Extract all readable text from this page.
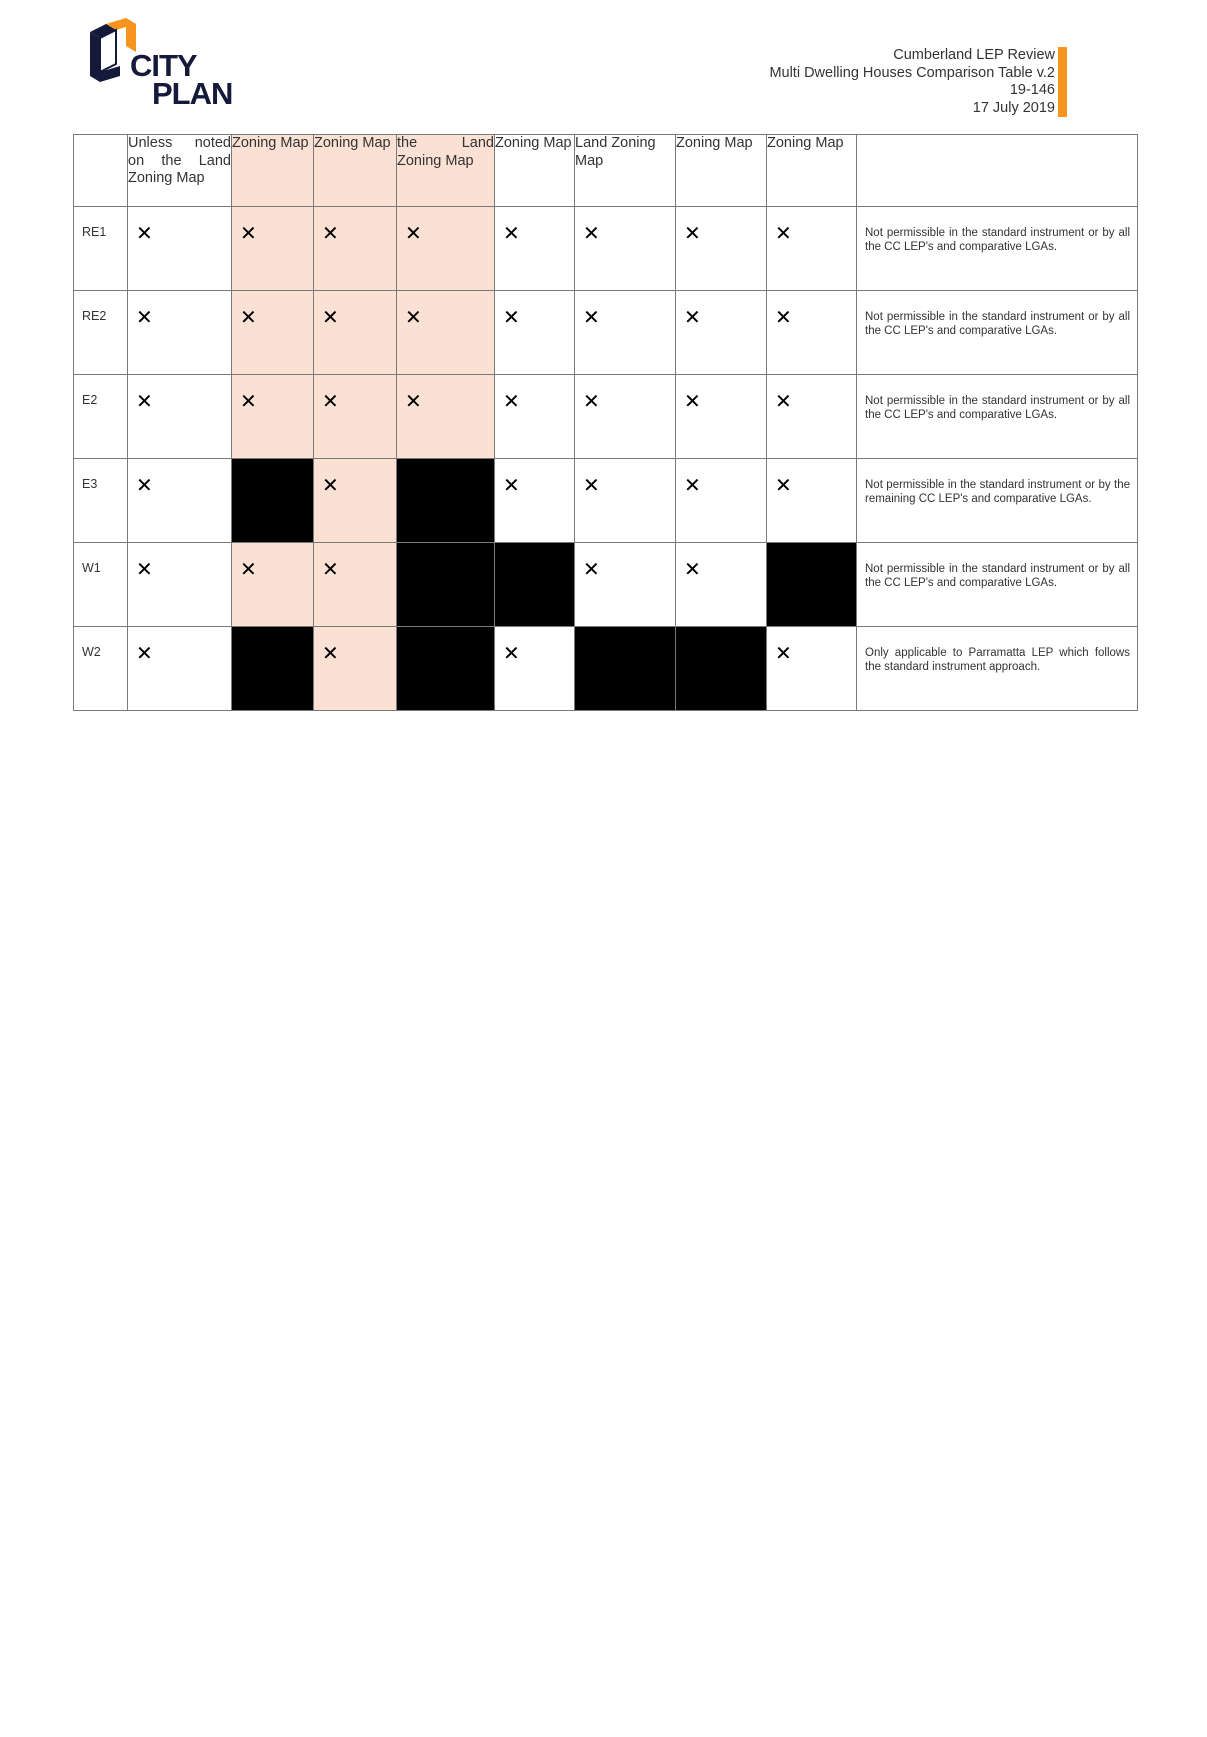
CITY
PLAN
Cumberland LEP Review
Multi Dwelling Houses Comparison Table v.2
19-146
17 July 2019
	Unless noted on the Land Zoning Map	Zoning Map	Zoning Map	the Land Zoning Map	Zoning Map	Land Zoning Map	Zoning Map	Zoning Map	
RE1	✕	✕	✕	✕	✕	✕	✕	✕	Not permissible in the standard instrument or by all the CC LEP's and comparative LGAs.
RE2	✕	✕	✕	✕	✕	✕	✕	✕	Not permissible in the standard instrument or by all the CC LEP's and comparative LGAs.
E2	✕	✕	✕	✕	✕	✕	✕	✕	Not permissible in the standard instrument or by all the CC LEP's and comparative LGAs.
E3	✕		✕		✕	✕	✕	✕	Not permissible in the standard instrument or by the remaining CC LEP's and comparative LGAs.
W1	✕	✕	✕			✕	✕		Not permissible in the standard instrument or by all the CC LEP's and comparative LGAs.
W2	✕		✕		✕			✕	Only applicable to Parramatta LEP which follows the standard instrument approach.
